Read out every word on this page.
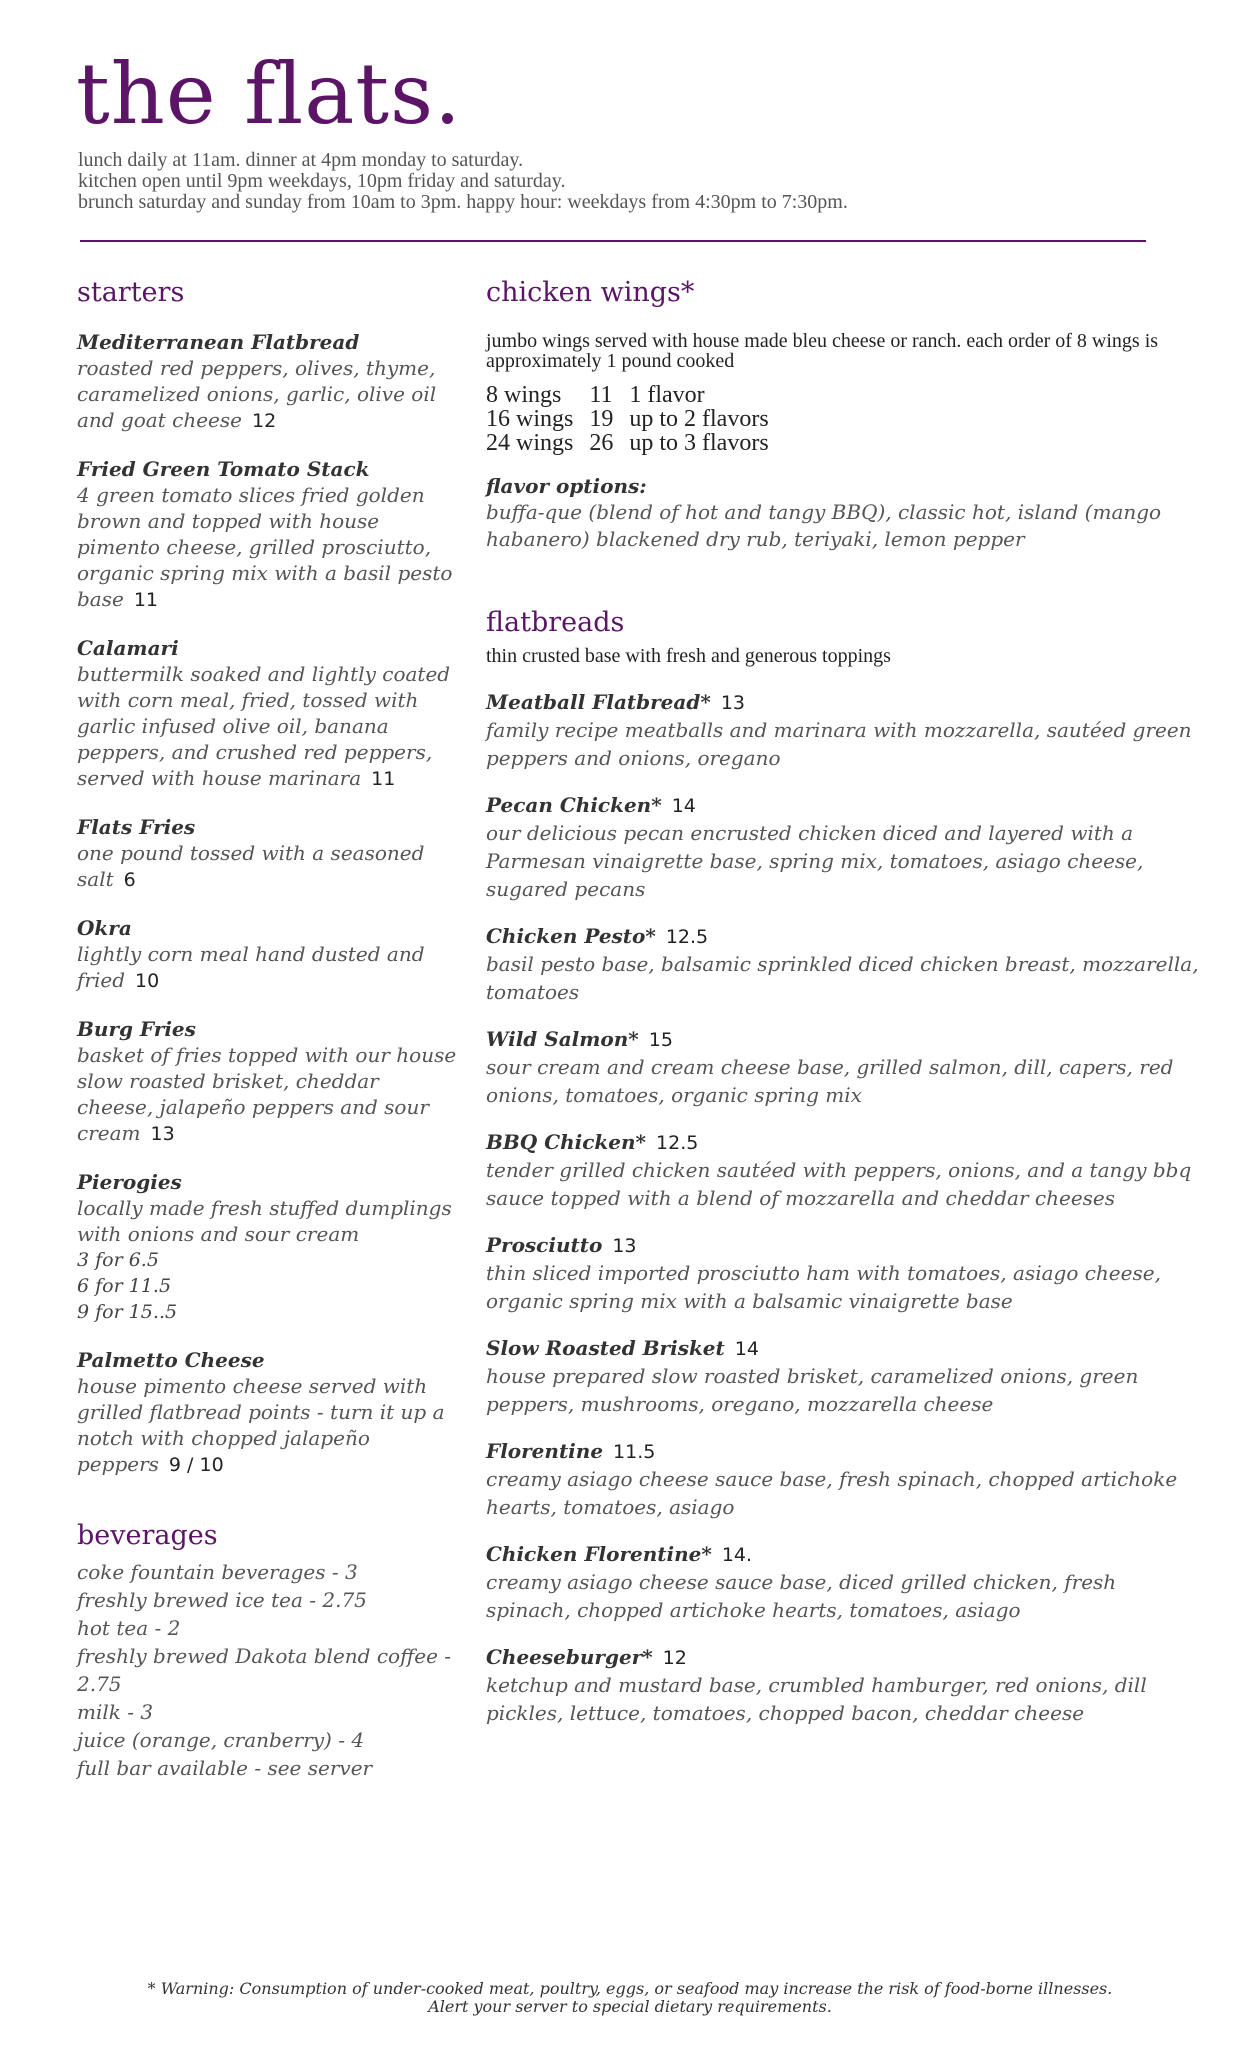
the flats.
lunch daily at 11am. dinner at 4pm monday to saturday.
kitchen open until 9pm weekdays, 10pm friday and saturday.
brunch saturday and sunday from 10am to 3pm. happy hour: weekdays from 4:30pm to 7:30pm.
starters
Mediterranean Flatbread
roasted red peppers, olives, thyme, caramelized onions, garlic, olive oil and goat cheese 12
Fried Green Tomato Stack
4 green tomato slices fried golden brown and topped with house pimento cheese, grilled prosciutto, organic spring mix with a basil pesto base 11
Calamari
buttermilk soaked and lightly coated with corn meal, fried, tossed with garlic infused olive oil, banana peppers, and crushed red peppers, served with house marinara 11
Flats Fries
one pound tossed with a seasoned salt 6
Okra
lightly corn meal hand dusted and fried 10
Burg Fries
basket of fries topped with our house slow roasted brisket, cheddar cheese, jalapeño peppers and sour cream 13
Pierogies
locally made fresh stuffed dumplings with onions and sour cream
3 for 6.5
6 for 11.5
9 for 15..5
Palmetto Cheese
house pimento cheese served with grilled flatbread points - turn it up a notch with chopped jalapeño peppers 9 / 10
beverages
coke fountain beverages - 3
freshly brewed ice tea - 2.75
hot tea - 2
freshly brewed Dakota blend coffee - 2.75
milk - 3
juice (orange, cranberry) - 4
full bar available - see server
chicken wings*
jumbo wings served with house made bleu cheese or ranch. each order of 8 wings is approximately 1 pound cooked
8 wings	11	1 flavor
16 wings	19	up to 2 flavors
24 wings	26	up to 3 flavors
flavor options:
buffa-que (blend of hot and tangy BBQ), classic hot, island (mango habanero) blackened dry rub, teriyaki, lemon pepper
flatbreads
thin crusted base with fresh and generous toppings
Meatball Flatbread* 13
family recipe meatballs and marinara with mozzarella, sautéed green peppers and onions, oregano
Pecan Chicken* 14
our delicious pecan encrusted chicken diced and layered with a Parmesan vinaigrette base, spring mix, tomatoes, asiago cheese, sugared pecans
Chicken Pesto* 12.5
basil pesto base, balsamic sprinkled diced chicken breast, mozzarella, tomatoes
Wild Salmon* 15
sour cream and cream cheese base, grilled salmon, dill, capers, red onions, tomatoes, organic spring mix
BBQ Chicken* 12.5
tender grilled chicken sautéed with peppers, onions, and a tangy bbq sauce topped with a blend of mozzarella and cheddar cheeses
Prosciutto 13
thin sliced imported prosciutto ham with tomatoes, asiago cheese, organic spring mix with a balsamic vinaigrette base
Slow Roasted Brisket 14
house prepared slow roasted brisket, caramelized onions, green peppers, mushrooms, oregano, mozzarella cheese
Florentine 11.5
creamy asiago cheese sauce base, fresh spinach, chopped artichoke hearts, tomatoes, asiago
Chicken Florentine* 14.
creamy asiago cheese sauce base, diced grilled chicken, fresh spinach, chopped artichoke hearts, tomatoes, asiago
Cheeseburger* 12
ketchup and mustard base, crumbled hamburger, red onions, dill pickles, lettuce, tomatoes, chopped bacon, cheddar cheese
* Warning: Consumption of under-cooked meat, poultry, eggs, or seafood may increase the risk of food-borne illnesses. Alert your server to special dietary requirements.
